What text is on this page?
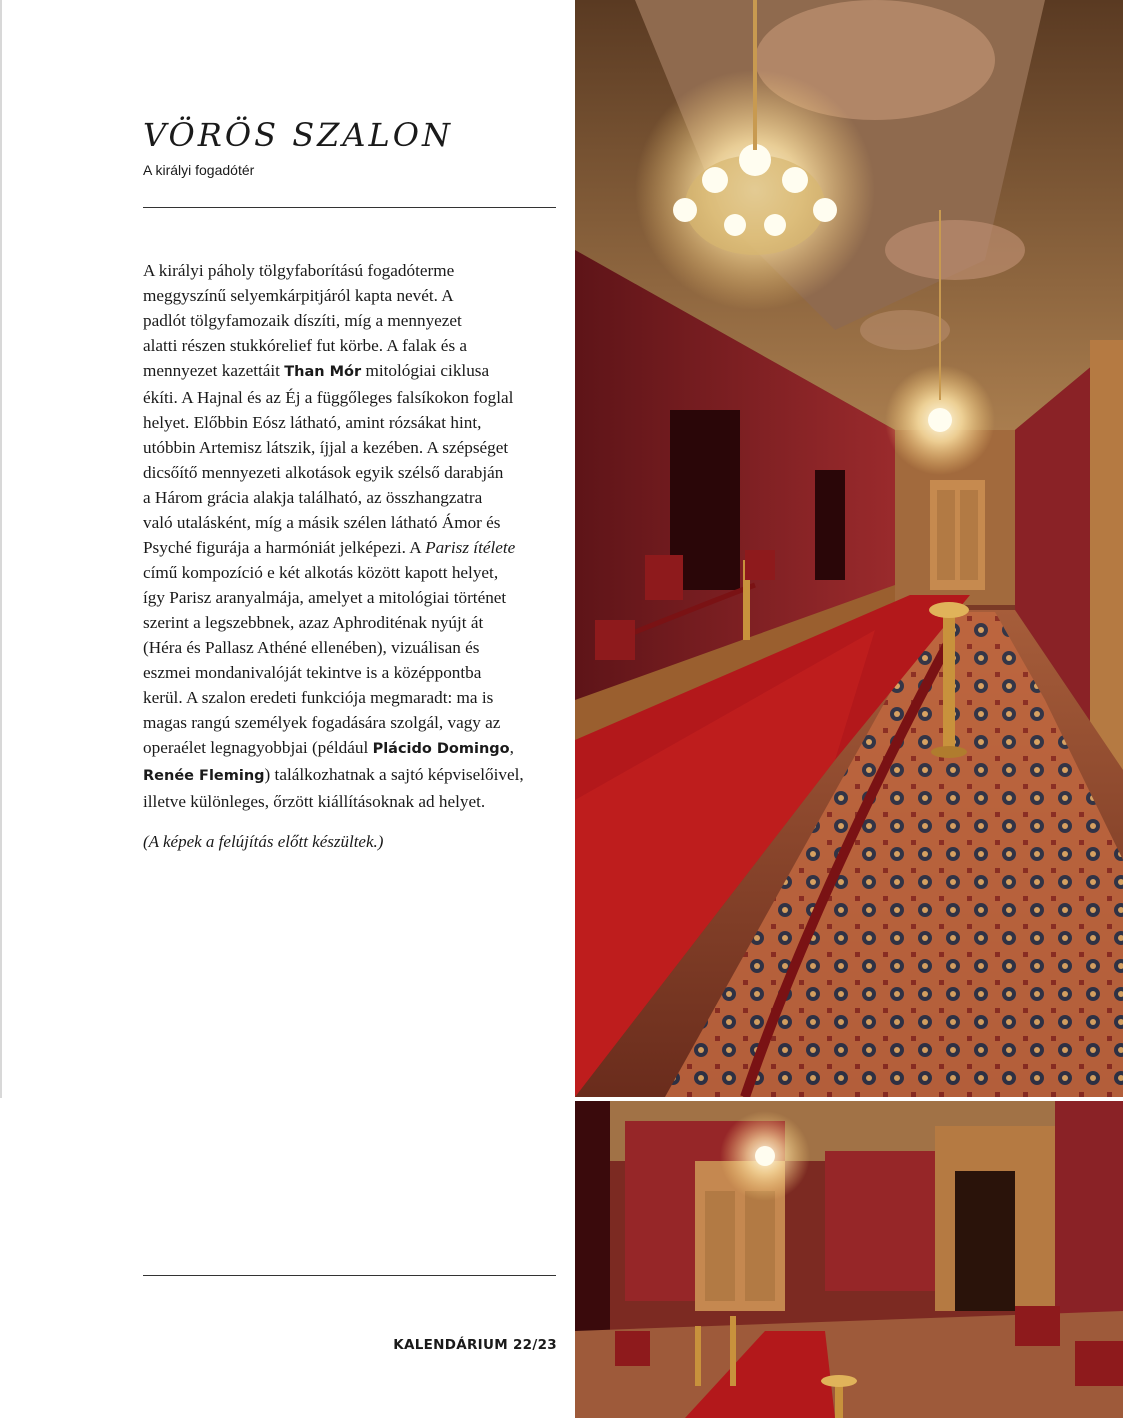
VÖRÖS SZALON
A királyi fogadótér

A királyi páholy tölgyfaborítású fogadóterme
meggyszínű selyemkárpitjáról kapta nevét. A
padlót tölgyfamozaik díszíti, míg a mennyezet
alatti részen stukkórelief fut körbe. A falak és a
mennyezet kazettáit Than Mór mitológiai ciklusa
ékíti. A Hajnal és az Éj a függőleges falsíkokon foglal
helyet. Előbbin Eósz látható, amint rózsákat hint,
utóbbin Artemisz látszik, íjjal a kezében. A szépséget
dicsőítő mennyezeti alkotások egyik szélső darabján
a Három grácia alakja található, az összhangzatra
való utalásként, míg a másik szélen látható Ámor és
Psyché figurája a harmóniát jelképezi. A Parisz ítélete
című kompozíció e két alkotás között kapott helyet,
így Parisz aranyalmája, amelyet a mitológiai történet
szerint a legszebbnek, azaz Aphroditénak nyújt át
(Héra és Pallasz Athéné ellenében), vizuálisan és
eszmei mondanivalóját tekintve is a középpontba
kerül. A szalon eredeti funkciója megmaradt: ma is
magas rangú személyek fogadására szolgál, vagy az
operaélet legnagyobbjai (például Plácido Domingo,
Renée Fleming) találkozhatnak a sajtó képviselőivel,
illetve különleges, őrzött kiállításoknak ad helyet.

(A képek a felújítás előtt készültek.)

KALENDÁRIUM 22/23
